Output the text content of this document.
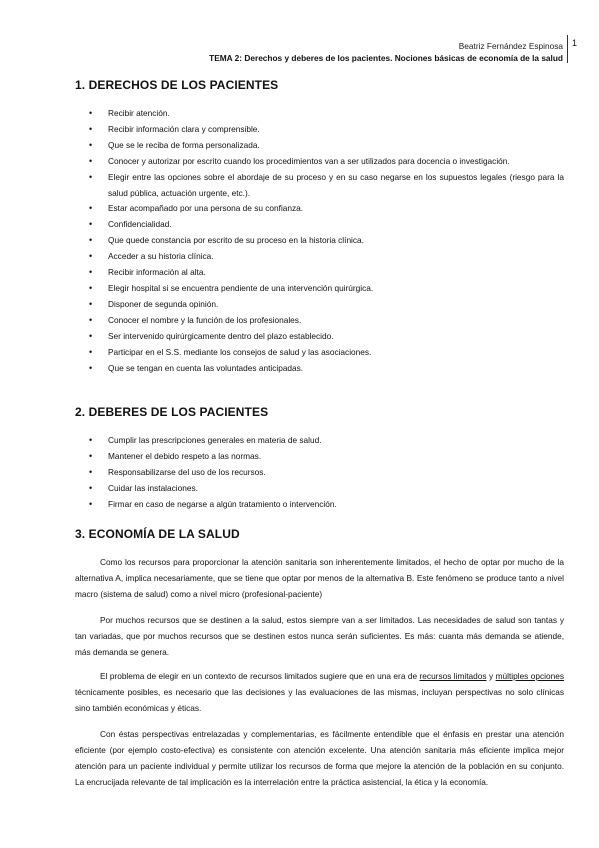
Beatriz Fernández Espinosa
TEMA 2: Derechos y deberes de los pacientes. Nociones básicas de economía de la salud
1
1. DERECHOS DE LOS PACIENTES
• Recibir atención.
• Recibir información clara y comprensible.
• Que se le reciba de forma personalizada.
• Conocer y autorizar por escrito cuando los procedimientos van a ser utilizados para docencia o investigación.
• Elegir entre las opciones sobre el abordaje de su proceso y en su caso negarse en los supuestos legales (riesgo para la salud pública, actuación urgente, etc.).
• Estar acompañado por una persona de su confianza.
• Confidencialidad.
• Que quede constancia por escrito de su proceso en la historia clínica.
• Acceder a su historia clínica.
• Recibir información al alta.
• Elegir hospital si se encuentra pendiente de una intervención quirúrgica.
• Disponer de segunda opinión.
• Conocer el nombre y la función de los profesionales.
• Ser intervenido quirúrgicamente dentro del plazo establecido.
• Participar en el S.S. mediante los consejos de salud y las asociaciones.
• Que se tengan en cuenta las voluntades anticipadas.
2. DEBERES DE LOS PACIENTES
• Cumplir las prescripciones generales en materia de salud.
• Mantener el debido respeto a las normas.
• Responsabilizarse del uso de los recursos.
• Cuidar las instalaciones.
• Firmar en caso de negarse a algún tratamiento o intervención.
3. ECONOMÍA DE LA SALUD

Como los recursos para proporcionar la atención sanitaria son inherentemente limitados, el hecho de optar por mucho de la alternativa A, implica necesariamente, que se tiene que optar por menos de la alternativa B. Este fenómeno se produce tanto a nivel macro (sistema de salud) como a nivel micro (profesional-paciente)

Por muchos recursos que se destinen a la salud, estos siempre van a ser limitados. Las necesidades de salud son tantas y tan variadas, que por muchos recursos que se destinen estos nunca serán suficientes. Es más: cuanta más demanda se atiende, más demanda se genera.

El problema de elegir en un contexto de recursos limitados sugiere que en una era de recursos limitados y múltiples opciones técnicamente posibles, es necesario que las decisiones y las evaluaciones de las mismas, incluyan perspectivas no solo clínicas sino también económicas y éticas.

Con éstas perspectivas entrelazadas y complementarias, es fácilmente entendible que el énfasis en prestar una atención eficiente (por ejemplo costo-efectiva) es consistente con atención excelente. Una atención sanitaria más eficiente implica mejor atención para un paciente individual y permite utilizar los recursos de forma que mejore la atención de la población en su conjunto. La encrucijada relevante de tal implicación es la interrelación entre la práctica asistencial, la ética y la economía.
